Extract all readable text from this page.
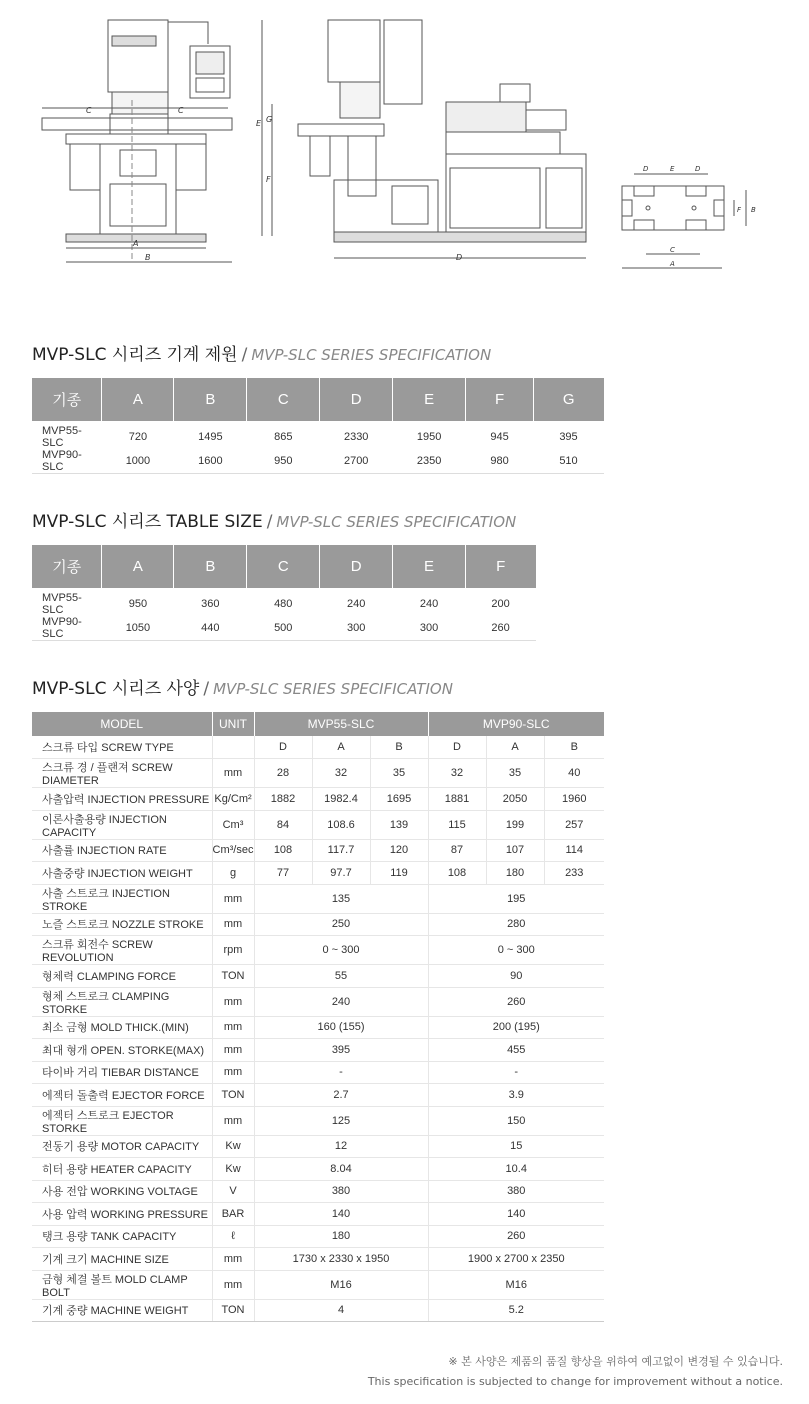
C	C
A
B
G
E
F
D
D	E	D
F B
C
A
MVP-SLC 시리즈 기계 제원 / MVP-SLC SERIES SPECIFICATION
기종	A	B	C	D	E	F	G
MVP55-SLC	720	1495	865	2330	1950	945	395
MVP90-SLC	1000	1600	950	2700	2350	980	510
MVP-SLC 시리즈 TABLE SIZE / MVP-SLC SERIES SPECIFICATION
기종	A	B	C	D	E	F
MVP55-SLC	950	360	480	240	240	200
MVP90-SLC	1050	440	500	300	300	260
MVP-SLC 시리즈 사양 / MVP-SLC SERIES SPECIFICATION
MODEL	UNIT	MVP55-SLC			MVP90-SLC		
스크류 타입 SCREW TYPE		D	A	B	D	A	B
스크류 경 / 플랜져 SCREW DIAMETER	mm	28	32	35	32	35	40
사출압력 INJECTION PRESSURE	Kg/Cm²	1882	1982.4	1695	1881	2050	1960
이론사출용량 INJECTION CAPACITY	Cm³	84	108.6	139	115	199	257
사출률 INJECTION RATE	Cm³/sec	108	117.7	120	87	107	114
사출중량 INJECTION WEIGHT	g	77	97.7	119	108	180	233
사출 스트로크 INJECTION STROKE	mm	135			195		
노즐 스트로크 NOZZLE STROKE	mm	250			280		
스크류 회전수 SCREW REVOLUTION	rpm	0 ~ 300			0 ~ 300		
형체력 CLAMPING FORCE	TON	55			90		
형체 스트로크 CLAMPING STORKE	mm	240			260		
최소 금형 MOLD THICK.(MIN)	mm	160 (155)			200 (195)		
최대 형개 OPEN. STORKE(MAX)	mm	395			455		
타이바 거리 TIEBAR DISTANCE	mm	-			-		
에젝터 돌출력 EJECTOR FORCE	TON	2.7			3.9		
에젝터 스트로크 EJECTOR STORKE	mm	125			150		
전동기 용량 MOTOR CAPACITY	Kw	12			15		
히터 용량 HEATER CAPACITY	Kw	8.04			10.4		
사용 전압 WORKING VOLTAGE	V	380			380		
사용 압력 WORKING PRESSURE	BAR	140			140		
탱크 용량 TANK CAPACITY	ℓ	180			260		
기계 크기 MACHINE SIZE	mm	1730 x 2330 x 1950			1900 x 2700 x 2350		
금형 체결 볼트 MOLD CLAMP BOLT	mm	M16			M16		
기계 중량 MACHINE WEIGHT	TON	4			5.2		
※ 본 사양은 제품의 품질 향상을 위하여 예고없이 변경될 수 있습니다.
This specification is subjected to change for improvement without a notice.
